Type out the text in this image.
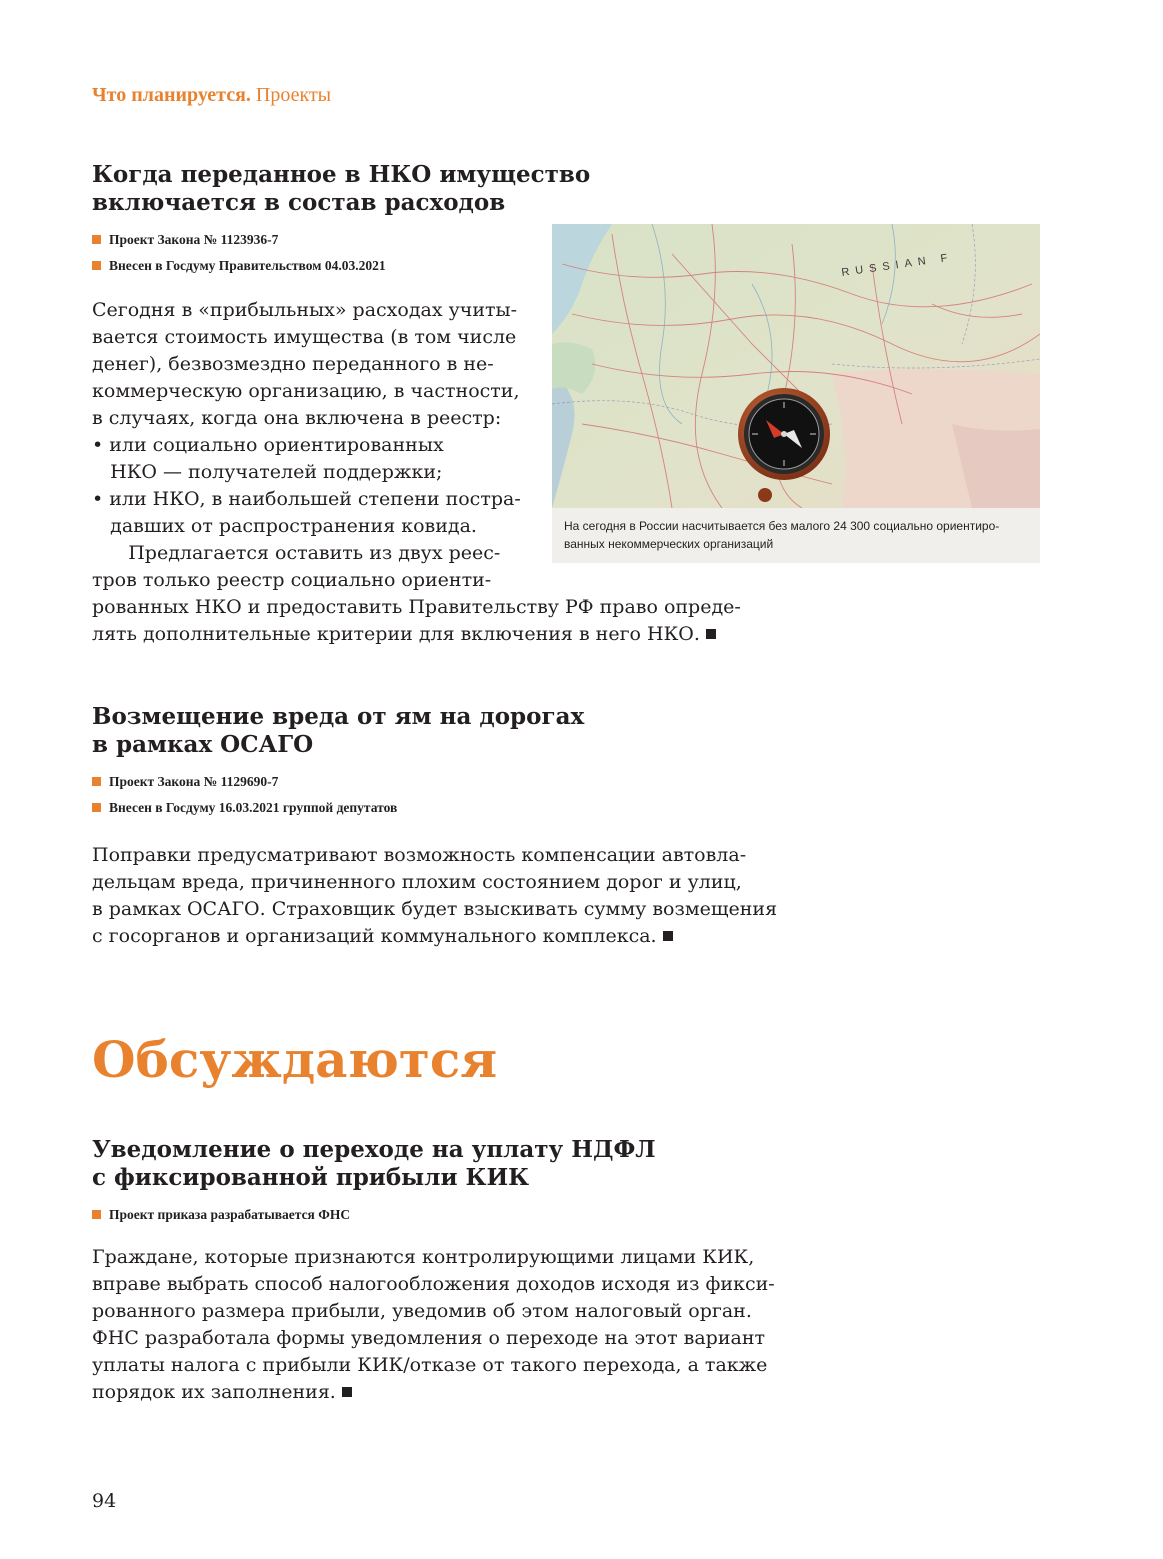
Что планируется. Проекты
Когда переданное в НКО имущество
включается в состав расходов
Проект Закона № 1123936-7
Внесен в Госдуму Правительством 04.03.2021

Сегодня в «прибыльных» расходах учиты-
вается стоимость имущества (в том числе
денег), безвозмездно переданного в не-
коммерческую организацию, в частности,
в случаях, когда она включена в реестр:
• или социально ориентированных
НКО — получателей поддержки;
• или НКО, в наибольшей степени постра-
давших от распространения ковида.
Предлагается оставить из двух реес-
тров только реестр социально ориенти-

рованных НКО и предоставить Правительству РФ право опреде-
лять дополнительные критерии для включения в него НКО.

RUSSIAN F
На сегодня в России насчитывается без малого 24 300 социально ориентиро-
ванных некоммерческих организаций
Возмещение вреда от ям на дорогах
в рамках ОСАГО
Проект Закона № 1129690-7
Внесен в Госдуму 16.03.2021 группой депутатов

Поправки предусматривают возможность компенсации автовла-
дельцам вреда, причиненного плохим состоянием дорог и улиц,
в рамках ОСАГО. Страховщик будет взыскивать сумму возмещения
с госорганов и организаций коммунального комплекса.

Обсуждаются
Уведомление о переходе на уплату НДФЛ
с фиксированной прибыли КИК
Проект приказа разрабатывается ФНС

Граждане, которые признаются контролирующими лицами КИК,
вправе выбрать способ налогообложения доходов исходя из фикси-
рованного размера прибыли, уведомив об этом налоговый орган.
ФНС разработала формы уведомления о переходе на этот вариант
уплаты налога с прибыли КИК/отказе от такого перехода, а также
порядок их заполнения.

94
